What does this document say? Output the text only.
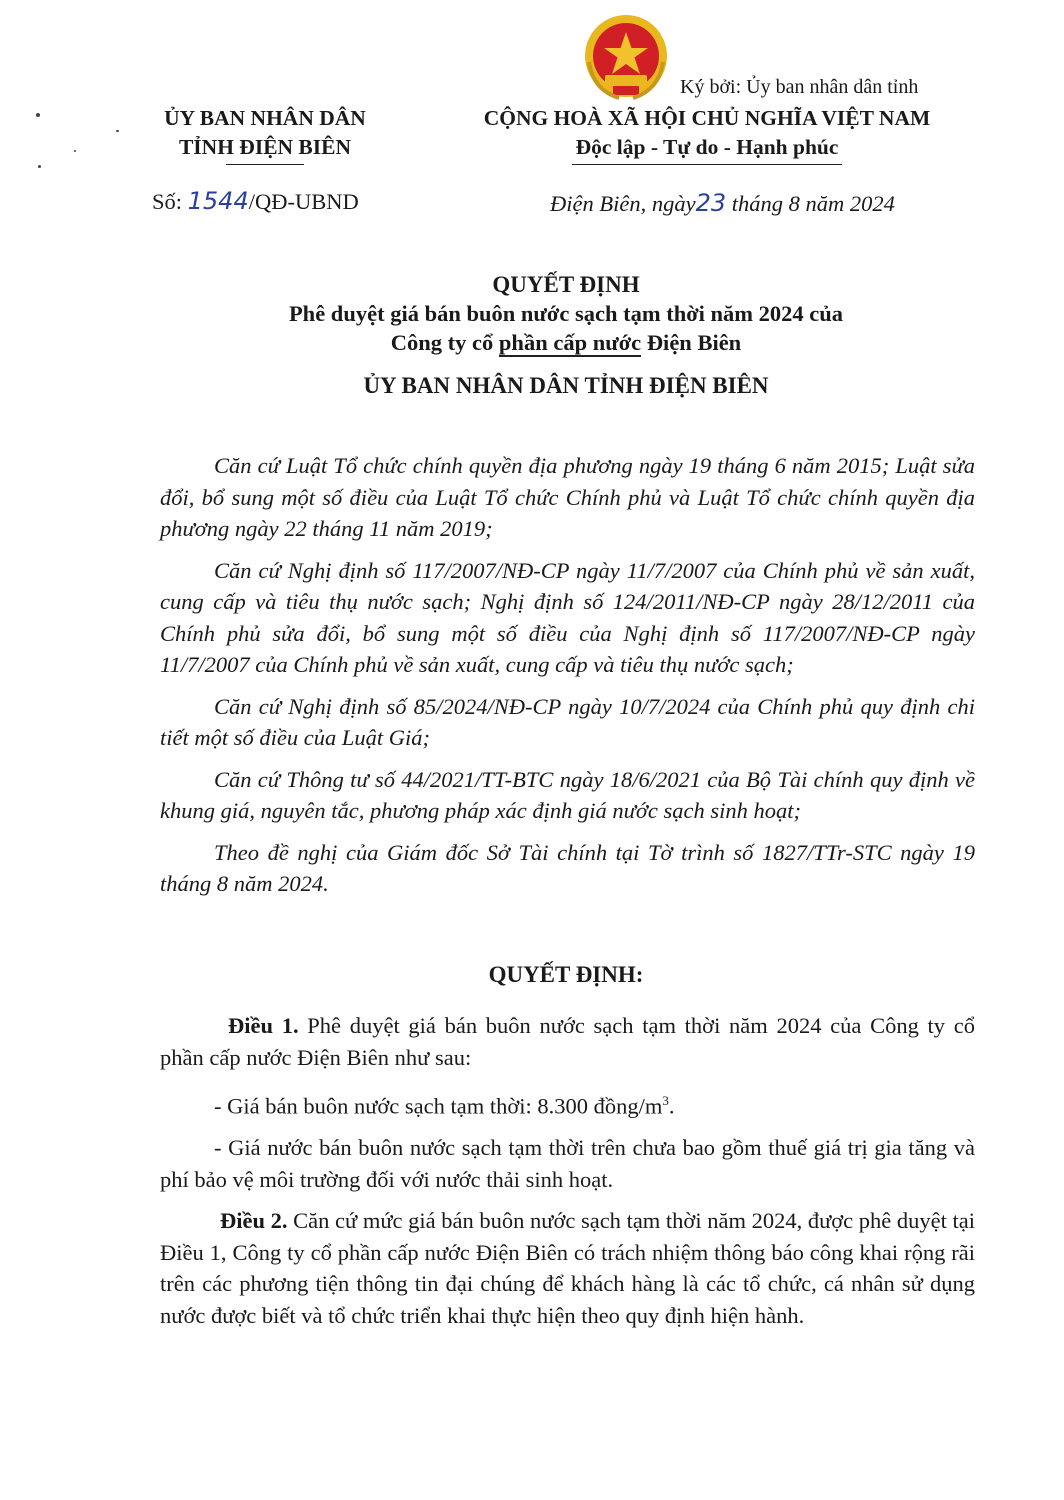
Ký bởi: Ủy ban nhân dân tỉnh
ỦY BAN NHÂN DÂN
TỈNH ĐIỆN BIÊN
CỘNG HOÀ XÃ HỘI CHỦ NGHĨA VIỆT NAM
Độc lập - Tự do - Hạnh phúc
Số: 1544/QĐ-UBND	Điện Biên, ngày23 tháng 8 năm 2024
QUYẾT ĐỊNH
Phê duyệt giá bán buôn nước sạch tạm thời năm 2024 của
Công ty cổ phần cấp nước Điện Biên
ỦY BAN NHÂN DÂN TỈNH ĐIỆN BIÊN

Căn cứ Luật Tổ chức chính quyền địa phương ngày 19 tháng 6 năm 2015; Luật sửa đổi, bổ sung một số điều của Luật Tổ chức Chính phủ và Luật Tổ chức chính quyền địa phương ngày 22 tháng 11 năm 2019;

Căn cứ Nghị định số 117/2007/NĐ-CP ngày 11/7/2007 của Chính phủ về sản xuất, cung cấp và tiêu thụ nước sạch; Nghị định số 124/2011/NĐ-CP ngày 28/12/2011 của Chính phủ sửa đổi, bổ sung một số điều của Nghị định số 117/2007/NĐ-CP ngày 11/7/2007 của Chính phủ về sản xuất, cung cấp và tiêu thụ nước sạch;

Căn cứ Nghị định số 85/2024/NĐ-CP ngày 10/7/2024 của Chính phủ quy định chi tiết một số điều của Luật Giá;

Căn cứ Thông tư số 44/2021/TT-BTC ngày 18/6/2021 của Bộ Tài chính quy định về khung giá, nguyên tắc, phương pháp xác định giá nước sạch sinh hoạt;

Theo đề nghị của Giám đốc Sở Tài chính tại Tờ trình số 1827/TTr-STC ngày 19 tháng 8 năm 2024.

QUYẾT ĐỊNH:

Điều 1. Phê duyệt giá bán buôn nước sạch tạm thời năm 2024 của Công ty cổ phần cấp nước Điện Biên như sau:

- Giá bán buôn nước sạch tạm thời: 8.300 đồng/$m^3$.

- Giá nước bán buôn nước sạch tạm thời trên chưa bao gồm thuế giá trị gia tăng và phí bảo vệ môi trường đối với nước thải sinh hoạt.

Điều 2. Căn cứ mức giá bán buôn nước sạch tạm thời năm 2024, được phê duyệt tại Điều 1, Công ty cổ phần cấp nước Điện Biên có trách nhiệm thông báo công khai rộng rãi trên các phương tiện thông tin đại chúng để khách hàng là các tổ chức, cá nhân sử dụng nước được biết và tổ chức triển khai thực hiện theo quy định hiện hành.
